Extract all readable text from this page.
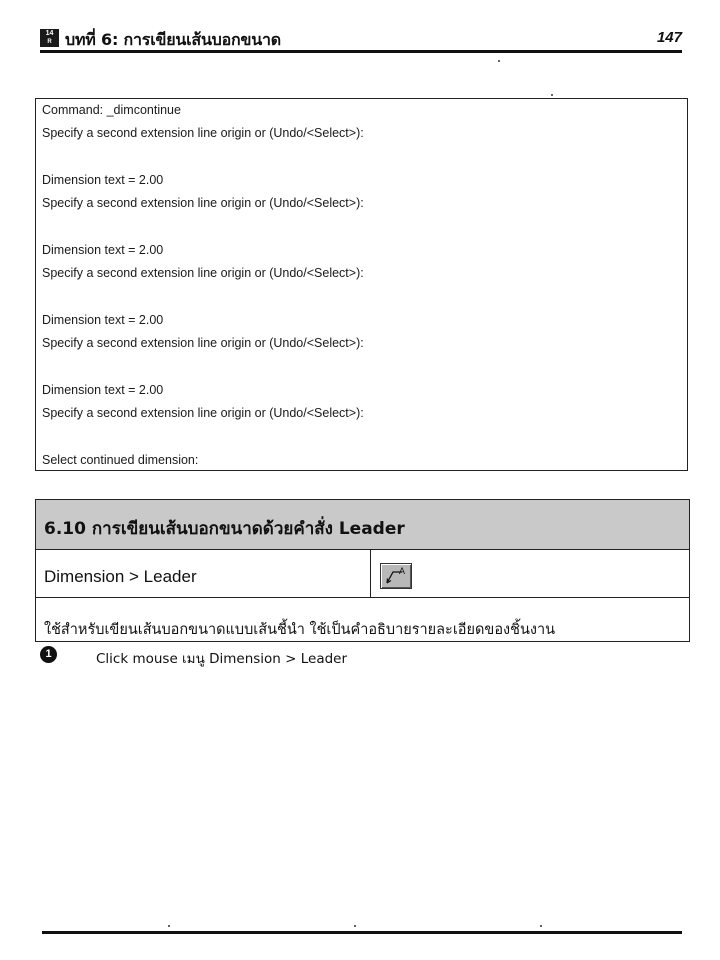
14
R บทที่ 6: การเขียนเส้นบอกขนาด	147
Command: _dimcontinue
Specify a second extension line origin or (Undo/<Select>):
Dimension text = 2.00
Specify a second extension line origin or (Undo/<Select>):
Dimension text = 2.00
Specify a second extension line origin or (Undo/<Select>):
Dimension text = 2.00
Specify a second extension line origin or (Undo/<Select>):
Dimension text = 2.00
Specify a second extension line origin or (Undo/<Select>):
Select continued dimension:
6.10 การเขียนเส้นบอกขนาดด้วยคำสั่ง Leader
Dimension > Leader	A
ใช้สำหรับเขียนเส้นบอกขนาดแบบเส้นชี้นำ ใช้เป็นคำอธิบายรายละเอียดของชิ้นงาน
1	Click mouse เมนู Dimension > Leader
